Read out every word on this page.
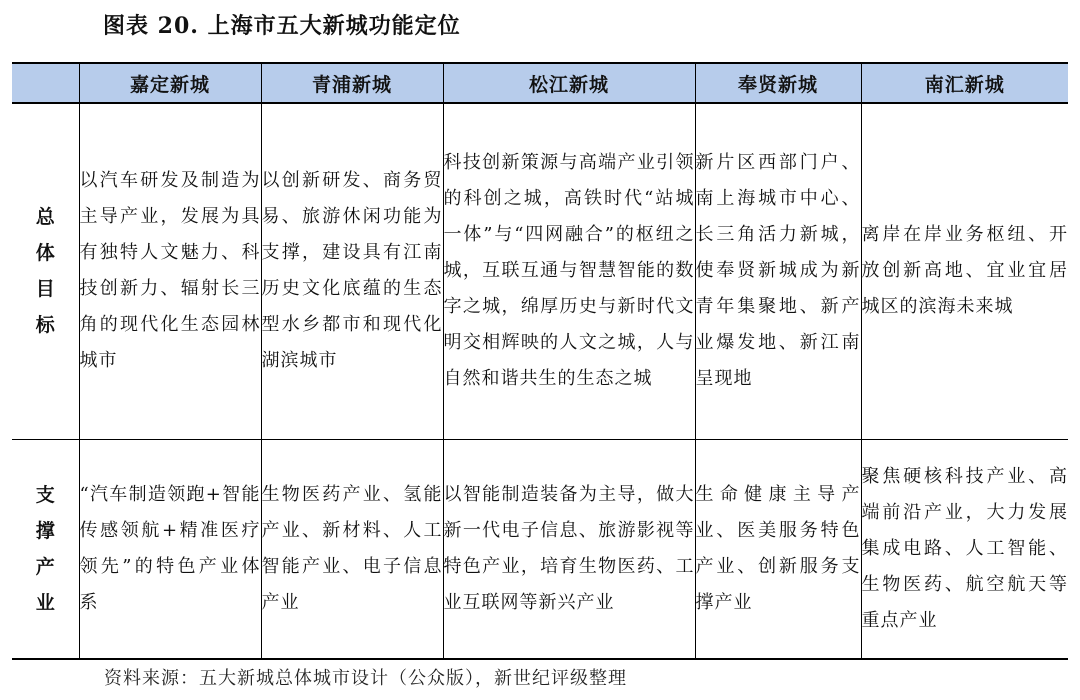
图表 20. 上海市五大新城功能定位
	嘉定新城	青浦新城	松江新城	奉贤新城	南汇新城
总体目标	以汽车研发及制造为主导产业，发展为具有独特人文魅力、科技创新力、辐射长三角的现代化生态园林城市	以创新研发、商务贸易、旅游休闲功能为支撑，建设具有江南历史文化底蕴的生态型水乡都市和现代化湖滨城市	科技创新策源与高端产业引领的科创之城，高铁时代“站城一体”与“四网融合”的枢纽之城，互联互通与智慧智能的数字之城，绵厚历史与新时代文明交相辉映的人文之城，人与自然和谐共生的生态之城	新片区西部门户、南上海城市中心、长三角活力新城，使奉贤新城成为新青年集聚地、新产业爆发地、新江南呈现地	离岸在岸业务枢纽、开放创新高地、宜业宜居城区的滨海未来城
支撑产业	“汽车制造领跑+智能传感领航+精准医疗领先”的特色产业体系	生物医药产业、氢能产业、新材料、人工智能产业、电子信息产业	以智能制造装备为主导，做大新一代电子信息、旅游影视等特色产业，培育生物医药、工业互联网等新兴产业	生命健康主导产业、医美服务特色产业、创新服务支撑产业	聚焦硬核科技产业、高端前沿产业，大力发展集成电路、人工智能、生物医药、航空航天等重点产业
资料来源：五大新城总体城市设计（公众版），新世纪评级整理
